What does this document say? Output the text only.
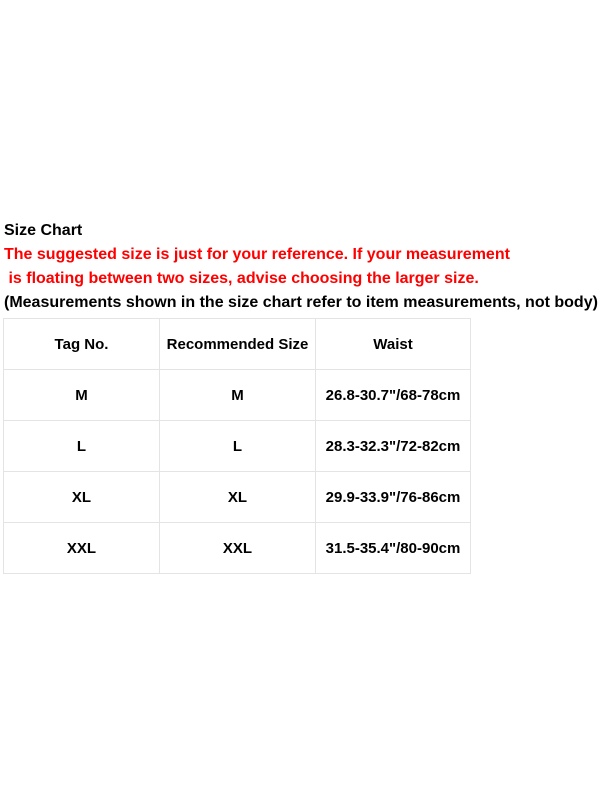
Size Chart
The suggested size is just for your reference. If your measurement
is floating between two sizes, advise choosing the larger size.
(Measurements shown in the size chart refer to item measurements, not body)
Tag No.	Recommended Size	Waist
M	M	26.8-30.7"/68-78cm
L	L	28.3-32.3"/72-82cm
XL	XL	29.9-33.9"/76-86cm
XXL	XXL	31.5-35.4"/80-90cm
